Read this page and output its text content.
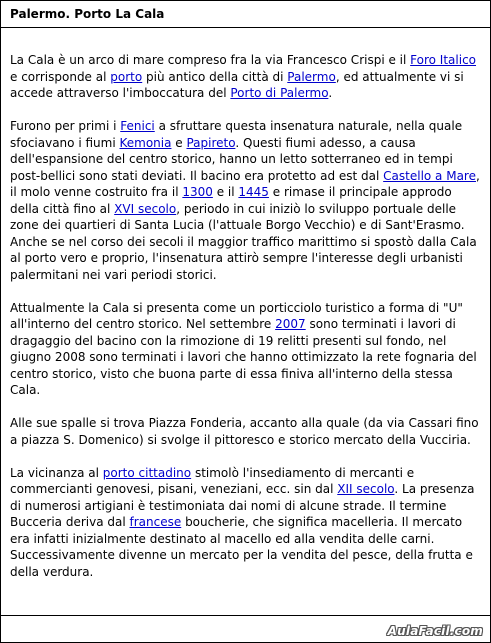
Palermo. Porto La Cala

La Cala è un arco di mare compreso fra la via Francesco Crispi e il Foro Italico e corrisponde al porto più antico della città di Palermo, ed attualmente vi si accede attraverso l'imboccatura del Porto di Palermo.

Furono per primi i Fenici a sfruttare questa insenatura naturale, nella quale sfociavano i fiumi Kemonia e Papireto. Questi fiumi adesso, a causa dell'espansione del centro storico, hanno un letto sotterraneo ed in tempi post-bellici sono stati deviati. Il bacino era protetto ad est dal Castello a Mare, il molo venne costruito fra il 1300 e il 1445 e rimase il principale approdo della città fino al XVI secolo, periodo in cui iniziò lo sviluppo portuale delle zone dei quartieri di Santa Lucia (l'attuale Borgo Vecchio) e di Sant'Erasmo. Anche se nel corso dei secoli il maggior traffico marittimo si spostò dalla Cala al porto vero e proprio, l'insenatura attirò sempre l'interesse degli urbanisti palermitani nei vari periodi storici.

Attualmente la Cala si presenta come un porticciolo turistico a forma di "U" all'interno del centro storico. Nel settembre 2007 sono terminati i lavori di dragaggio del bacino con la rimozione di 19 relitti presenti sul fondo, nel giugno 2008 sono terminati i lavori che hanno ottimizzato la rete fognaria del centro storico, visto che buona parte di essa finiva all'interno della stessa Cala.

Alle sue spalle si trova Piazza Fonderia, accanto alla quale (da via Cassari fino a piazza S. Domenico) si svolge il pittoresco e storico mercato della Vucciria.

La vicinanza al porto cittadino stimolò l'insediamento di mercanti e commercianti genovesi, pisani, veneziani, ecc. sin dal XII secolo. La presenza di numerosi artigiani è testimoniata dai nomi di alcune strade. Il termine Bucceria deriva dal francese boucherie, che significa macelleria. Il mercato era infatti inizialmente destinato al macello ed alla vendita delle carni. Successivamente divenne un mercato per la vendita del pesce, della frutta e della verdura.

AulaFacil.com
